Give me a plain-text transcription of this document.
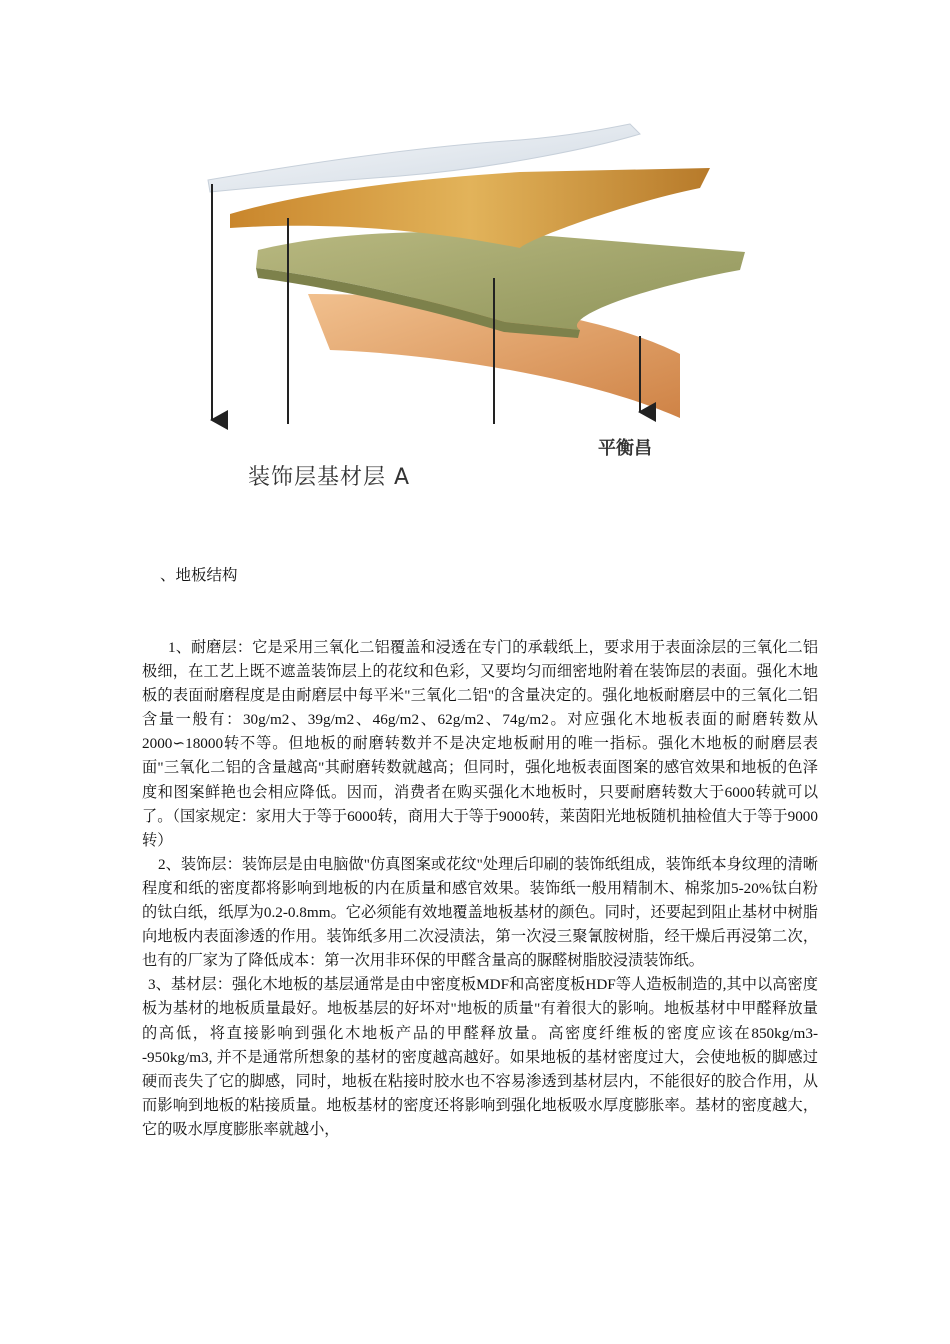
装饰层基材层 A
平衡昌
、地板结构

1、耐磨层：它是采用三氧化二铝覆盖和浸透在专门的承载纸上，要求用于表面涂层的三氧化二铝极细，在工艺上既不遮盖装饰层上的花纹和色彩，又要均匀而细密地附着在装饰层的表面。强化木地板的表面耐磨程度是由耐磨层中每平米"三氧化二铝"的含量决定的。强化地板耐磨层中的三氧化二铝含量一般有：30g/m2、39g/m2、46g/m2、62g/m2、74g/m2。对应强化木地板表面的耐磨转数从2000∽18000转不等。但地板的耐磨转数并不是决定地板耐用的唯一指标。强化木地板的耐磨层表面"三氧化二铝的含量越高"其耐磨转数就越高；但同时，强化地板表面图案的感官效果和地板的色泽度和图案鲜艳也会相应降低。因而，消费者在购买强化木地板时，只要耐磨转数大于6000转就可以了。（国家规定：家用大于等于6000转，商用大于等于9000转，莱茵阳光地板随机抽检值大于等于9000转）

2、装饰层：装饰层是由电脑做"仿真图案或花纹"处理后印刷的装饰纸组成，装饰纸本身纹理的清晰程度和纸的密度都将影响到地板的内在质量和感官效果。装饰纸一般用精制木、棉浆加5-20%钛白粉的钛白纸，纸厚为0.2-0.8mm。它必须能有效地覆盖地板基材的颜色。同时，还要起到阻止基材中树脂向地板内表面渗透的作用。装饰纸多用二次浸渍法，第一次浸三聚氰胺树脂，经干燥后再浸第二次，也有的厂家为了降低成本：第一次用非环保的甲醛含量高的脲醛树脂胶浸渍装饰纸。

3、基材层：强化木地板的基层通常是由中密度板MDF和高密度板HDF等人造板制造的,其中以高密度板为基材的地板质量最好。地板基层的好坏对"地板的质量"有着很大的影响。地板基材中甲醛释放量的高低，将直接影响到强化木地板产品的甲醛释放量。高密度纤维板的密度应该在850kg/m3--950kg/m3, 并不是通常所想象的基材的密度越高越好。如果地板的基材密度过大，会使地板的脚感过硬而丧失了它的脚感，同时，地板在粘接时胶水也不容易渗透到基材层内，不能很好的胶合作用，从而影响到地板的粘接质量。地板基材的密度还将影响到强化地板吸水厚度膨胀率。基材的密度越大，它的吸水厚度膨胀率就越小，
